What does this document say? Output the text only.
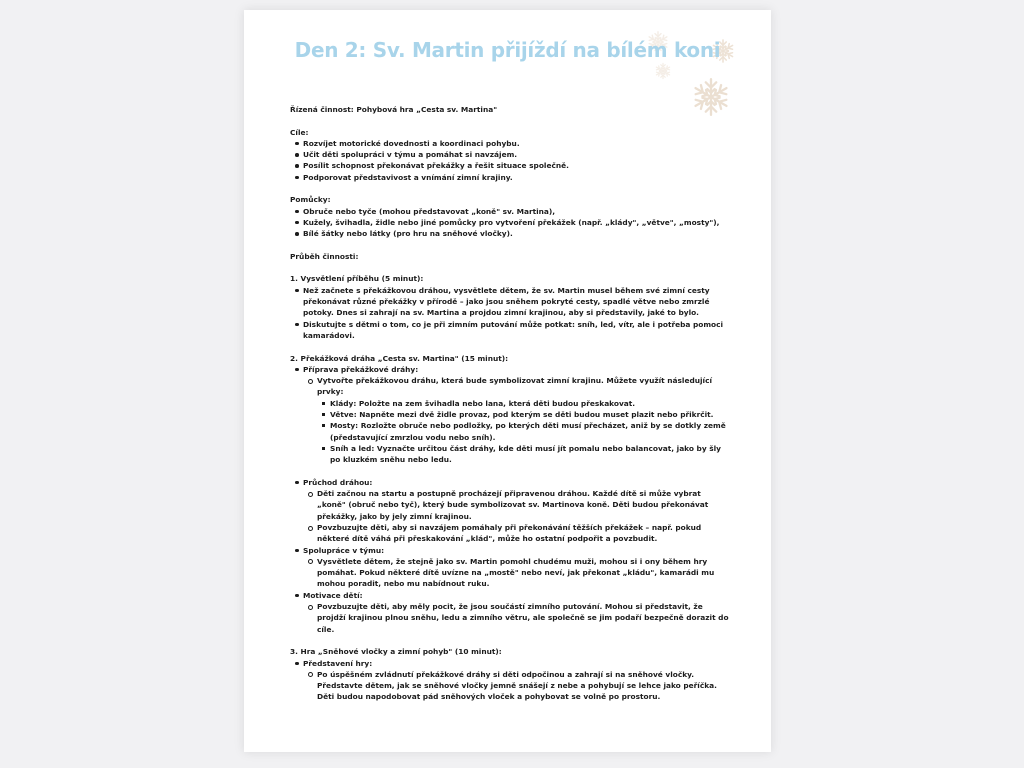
Den 2: Sv. Martin přijíždí na bílém koni

Řízená činnost: Pohybová hra „Cesta sv. Martina"

Cíle:

Rozvíjet motorické dovednosti a koordinaci pohybu.
Učit děti spolupráci v týmu a pomáhat si navzájem.
Posílit schopnost překonávat překážky a řešit situace společně.
Podporovat představivost a vnímání zimní krajiny.

Pomůcky:

Obruče nebo tyče (mohou představovat „koně" sv. Martina),
Kužely, švihadla, židle nebo jiné pomůcky pro vytvoření překážek (např. „klády", „větve", „mosty"),
Bílé šátky nebo látky (pro hru na sněhové vločky).

Průběh činnosti:

1. Vysvětlení příběhu (5 minut):

Než začnete s překážkovou dráhou, vysvětlete dětem, že sv. Martin musel během své zimní cesty překonávat různé překážky v přírodě – jako jsou sněhem pokryté cesty, spadlé větve nebo zmrzlé potoky. Dnes si zahrají na sv. Martina a projdou zimní krajinou, aby si představily, jaké to bylo.
Diskutujte s dětmi o tom, co je při zimním putování může potkat: sníh, led, vítr, ale i potřeba pomoci kamarádovi.

2. Překážková dráha „Cesta sv. Martina" (15 minut):

Příprava překážkové dráhy:
Vytvořte překážkovou dráhu, která bude symbolizovat zimní krajinu. Můžete využít následující prvky:
Klády: Položte na zem švihadla nebo lana, která děti budou přeskakovat.
Větve: Napněte mezi dvě židle provaz, pod kterým se děti budou muset plazit nebo přikrčit.
Mosty: Rozložte obruče nebo podložky, po kterých děti musí přecházet, aniž by se dotkly země (představující zmrzlou vodu nebo sníh).
Sníh a led: Vyznačte určitou část dráhy, kde děti musí jít pomalu nebo balancovat, jako by šly po kluzkém sněhu nebo ledu.
Průchod dráhou:
Děti začnou na startu a postupně procházejí připravenou dráhou. Každé dítě si může vybrat „koně" (obruč nebo tyč), který bude symbolizovat sv. Martinova koně. Děti budou překonávat překážky, jako by jely zimní krajinou.
Povzbuzujte děti, aby si navzájem pomáhaly při překonávání těžších překážek – např. pokud některé dítě váhá při přeskakování „klád", může ho ostatní podpořit a povzbudit.
Spolupráce v týmu:
Vysvětlete dětem, že stejně jako sv. Martin pomohl chudému muži, mohou si i ony během hry pomáhat. Pokud některé dítě uvízne na „mostě" nebo neví, jak překonat „kládu", kamarádi mu mohou poradit, nebo mu nabídnout ruku.
Motivace dětí:
Povzbuzujte děti, aby měly pocit, že jsou součástí zimního putování. Mohou si představit, že projdží krajinou plnou sněhu, ledu a zimního větru, ale společně se jim podaří bezpečně dorazit do cíle.

3. Hra „Sněhové vločky a zimní pohyb" (10 minut):

Představení hry:
Po úspěšném zvládnutí překážkové dráhy si děti odpočinou a zahrají si na sněhové vločky. Představte dětem, jak se sněhové vločky jemně snášejí z nebe a pohybují se lehce jako peříčka. Děti budou napodobovat pád sněhových vloček a pohybovat se volně po prostoru.
